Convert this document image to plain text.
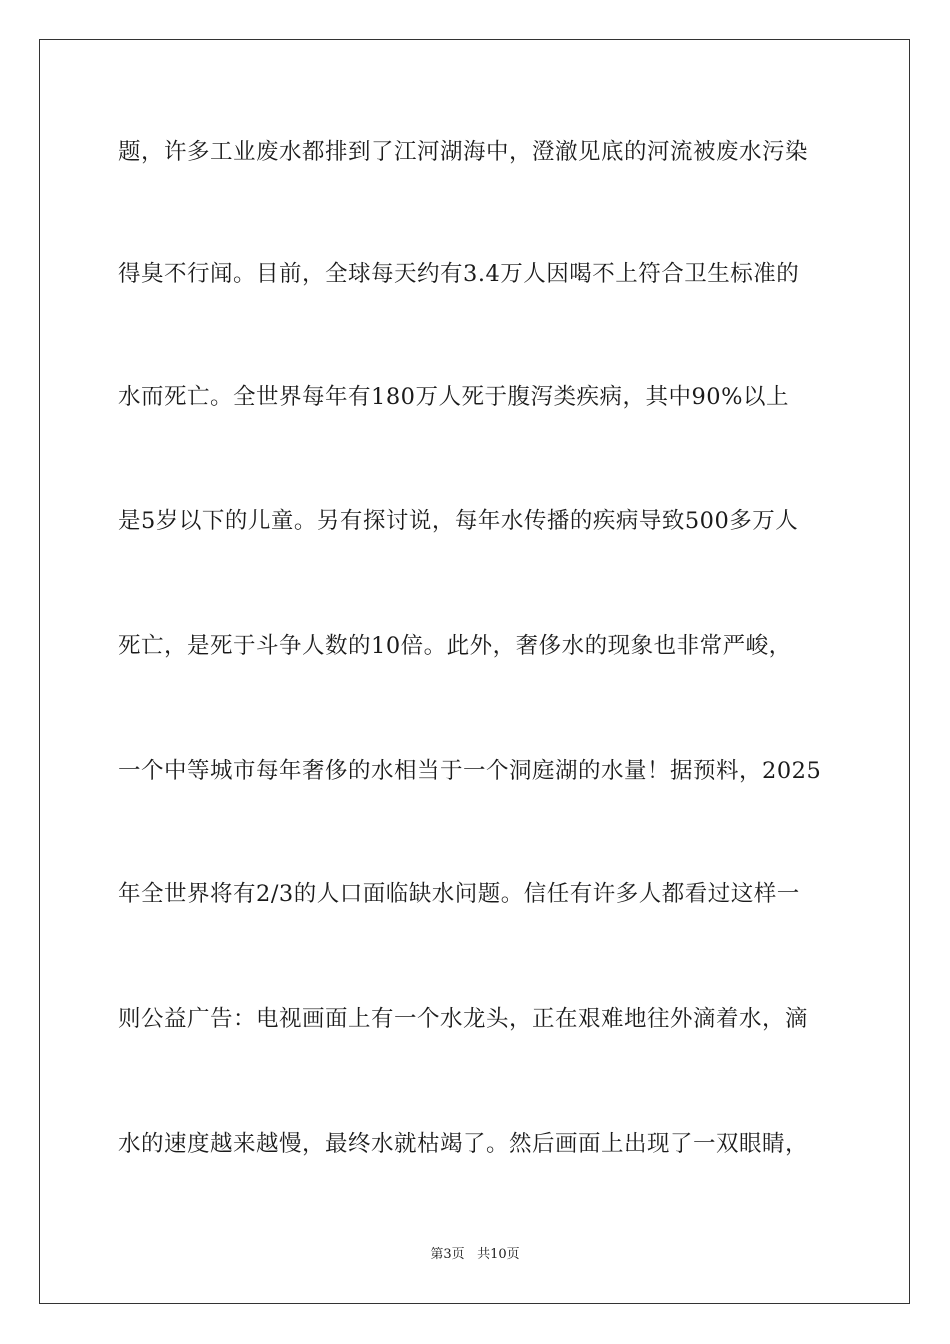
题，许多工业废水都排到了江河湖海中，澄澈见底的河流被废水污染
得臭不行闻。目前，全球每天约有3.4万人因喝不上符合卫生标准的
水而死亡。全世界每年有180万人死于腹泻类疾病，其中90%以上
是5岁以下的儿童。另有探讨说，每年水传播的疾病导致500多万人
死亡，是死于斗争人数的10倍。此外，奢侈水的现象也非常严峻，
一个中等城市每年奢侈的水相当于一个洞庭湖的水量！据预料，2025
年全世界将有2/3的人口面临缺水问题。信任有许多人都看过这样一
则公益广告：电视画面上有一个水龙头，正在艰难地往外滴着水，滴
水的速度越来越慢，最终水就枯竭了。然后画面上出现了一双眼睛，
第3页 共10页
